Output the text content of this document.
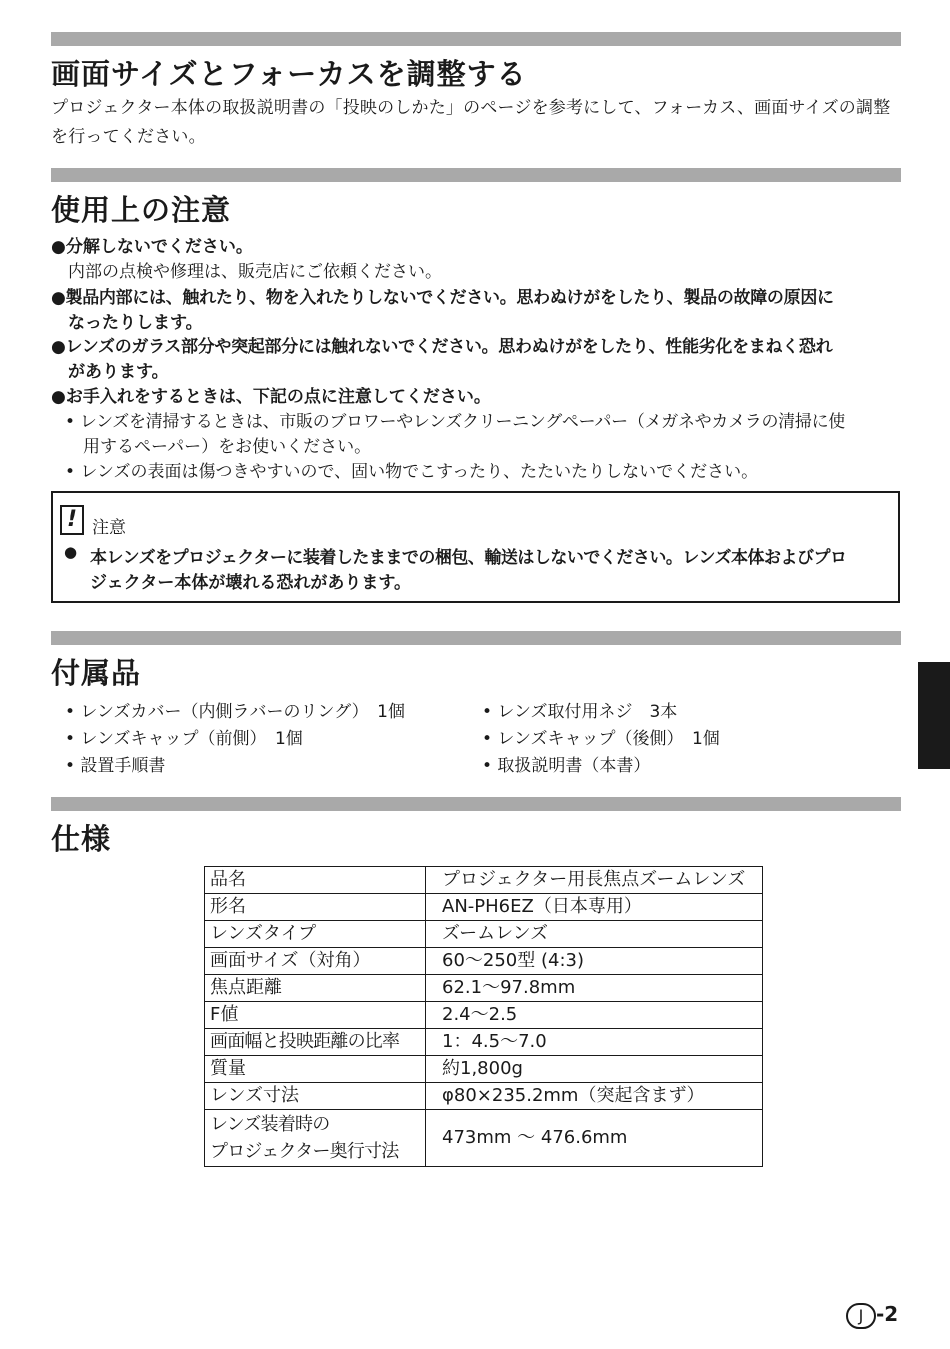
画面サイズとフォーカスを調整する

プロジェクター本体の取扱説明書の「投映のしかた」のページを参考にして、フォーカス、画面サイズの調整を行ってください。

使用上の注意

●分解しないでください。

内部の点検や修理は、販売店にご依頼ください。

●製品内部には、触れたり、物を入れたりしないでください。思わぬけがをしたり、製品の故障の原因に

なったりします。

●レンズのガラス部分や突起部分には触れないでください。思わぬけがをしたり、性能劣化をまねく恐れ

があります。

●お手入れをするときは、下記の点に注意してください。

• レンズを清掃するときは、市販のブロワーやレンズクリーニングペーパー（メガネやカメラの清掃に使

用するペーパー）をお使いください。

• レンズの表面は傷つきやすいので、固い物でこすったり、たたいたりしないでください。

! 注意

● 本レンズをプロジェクターに装着したままでの梱包、輸送はしないでください。レンズ本体およびプロ

ジェクター本体が壊れる恐れがあります。

付属品

• レンズカバー（内側ラバーのリング）　1個

• レンズキャップ（前側）　1個

• 設置手順書

• レンズ取付用ネジ　3本

• レンズキャップ（後側）　1個

• 取扱説明書（本書）

仕様
品名	プロジェクター用長焦点ズームレンズ
形名	AN-PH6EZ（日本専用）
レンズタイプ	ズームレンズ
画面サイズ（対角）	60～250型 (4:3)
焦点距離	62.1～97.8mm
F値	2.4～2.5
画面幅と投映距離の比率	1：4.5～7.0
質量	約1,800g
レンズ寸法	φ80×235.2mm（突起含まず）

レンズ装着時の
プロジェクター奥行寸法	473mm ～ 476.6mm
J -2
